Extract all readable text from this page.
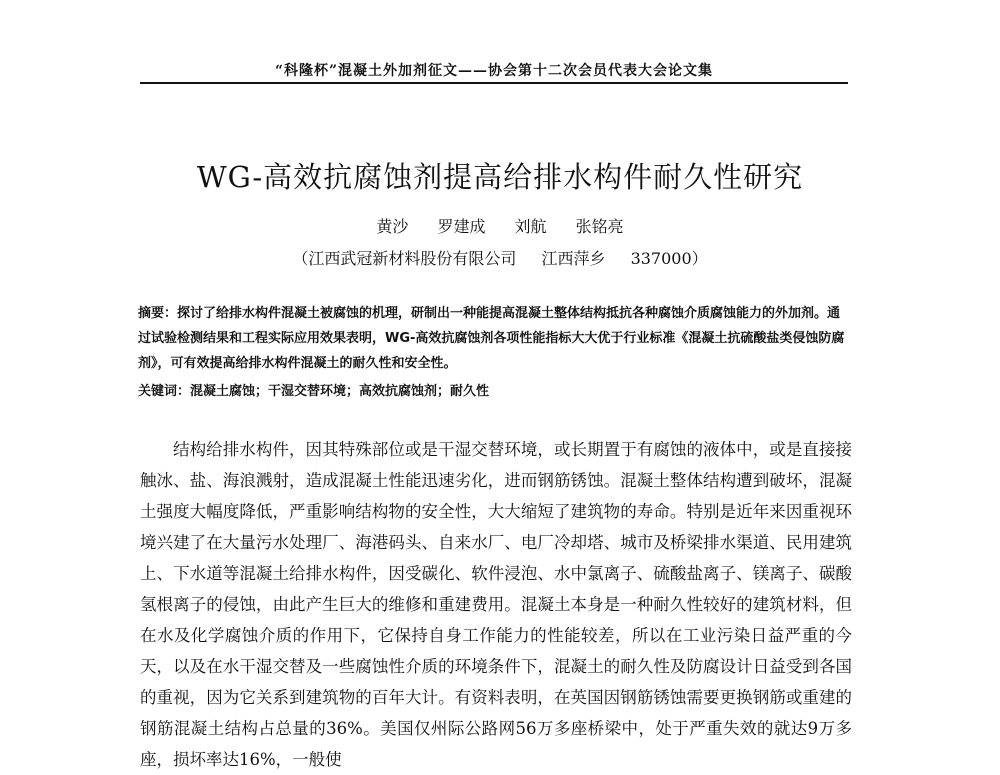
“科隆杯”混凝土外加剂征文——协会第十二次会员代表大会论文集
WG-高效抗腐蚀剂提高给排水构件耐久性研究
黄沙 罗建成 刘航 张铭亮
（江西武冠新材料股份有限公司 江西萍乡 337000）

摘要：探讨了给排水构件混凝土被腐蚀的机理，研制出一种能提高混凝土整体结构抵抗各种腐蚀介质腐蚀能力的外加剂。通过试验检测结果和工程实际应用效果表明，WG-高效抗腐蚀剂各项性能指标大大优于行业标准《混凝土抗硫酸盐类侵蚀防腐剂》，可有效提高给排水构件混凝土的耐久性和安全性。

关键词：混凝土腐蚀；干湿交替环境；高效抗腐蚀剂；耐久性

结构给排水构件，因其特殊部位或是干湿交替环境，或长期置于有腐蚀的液体中，或是直接接触冰、盐、海浪溅射，造成混凝土性能迅速劣化，进而钢筋锈蚀。混凝土整体结构遭到破坏，混凝土强度大幅度降低，严重影响结构物的安全性，大大缩短了建筑物的寿命。特别是近年来因重视环境兴建了在大量污水处理厂、海港码头、自来水厂、电厂冷却塔、城市及桥梁排水渠道、民用建筑上、下水道等混凝土给排水构件，因受碳化、软件浸泡、水中氯离子、硫酸盐离子、镁离子、碳酸氢根离子的侵蚀，由此产生巨大的维修和重建费用。混凝土本身是一种耐久性较好的建筑材料，但在水及化学腐蚀介质的作用下，它保持自身工作能力的性能较差，所以在工业污染日益严重的今天，以及在水干湿交替及一些腐蚀性介质的环境条件下，混凝土的耐久性及防腐设计日益受到各国的重视，因为它关系到建筑物的百年大计。有资料表明，在英国因钢筋锈蚀需要更换钢筋或重建的钢筋混凝土结构占总量的36%。美国仅州际公路网56万多座桥梁中，处于严重失效的就达9万多座，损坏率达16%，一般使
